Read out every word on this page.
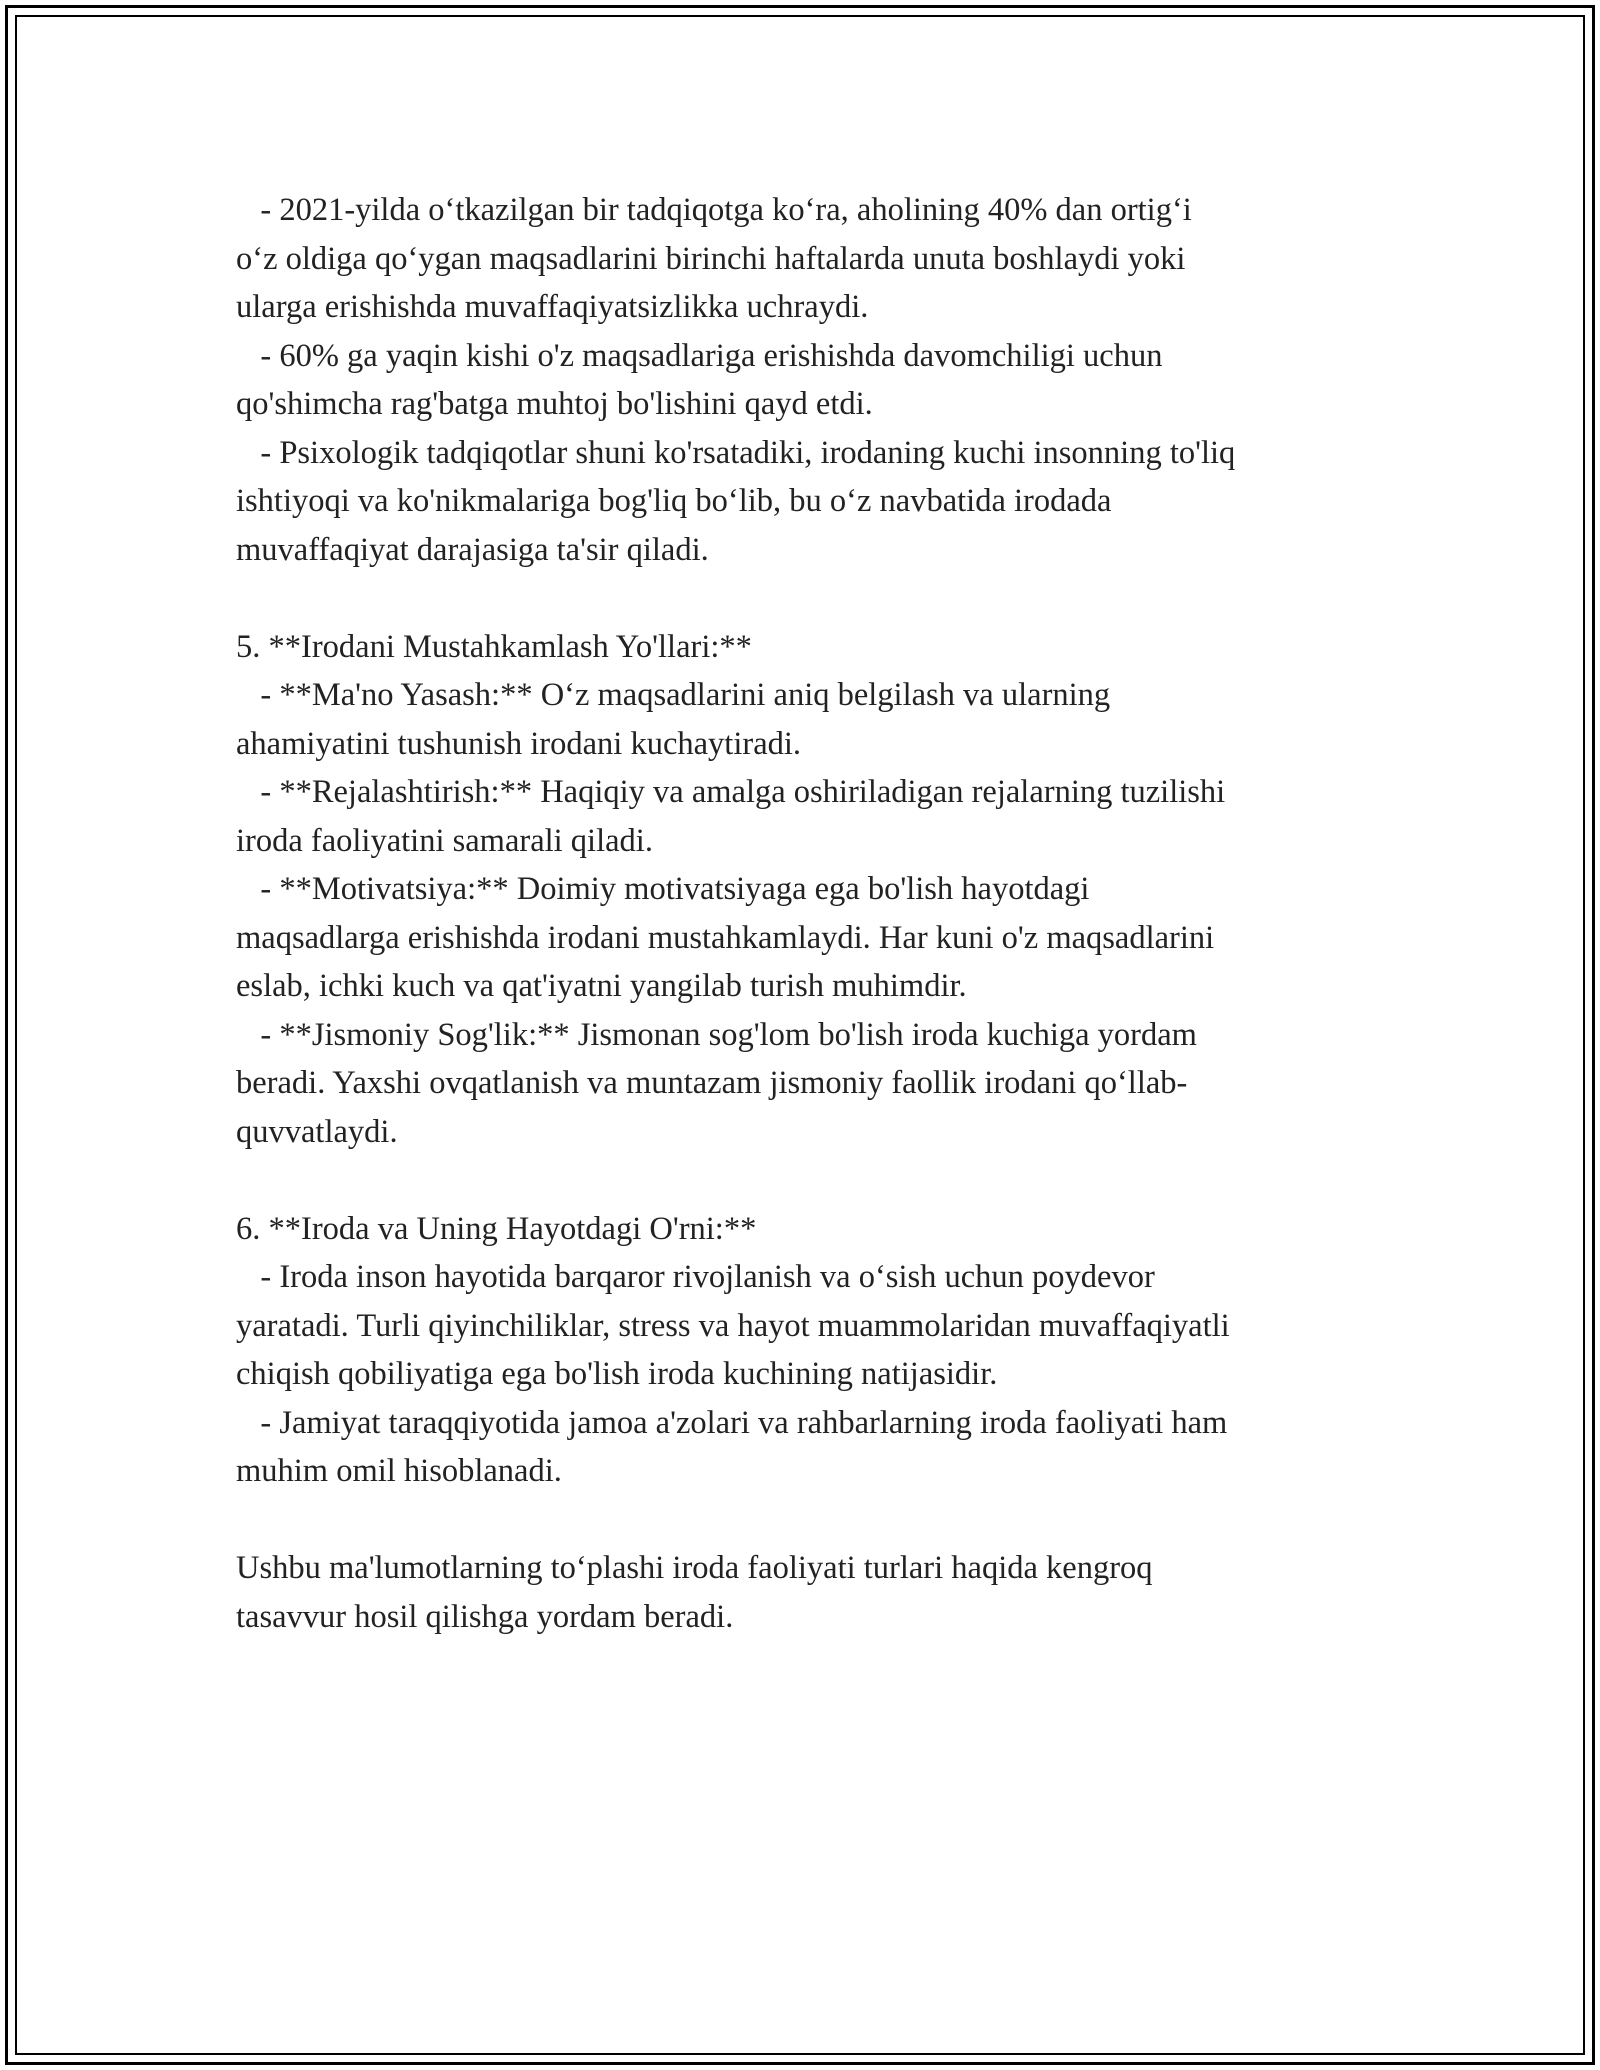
- 2021-yilda oʻtkazilgan bir tadqiqotga koʻra, aholining 40% dan ortigʻi
oʻz oldiga qoʻygan maqsadlarini birinchi haftalarda unuta boshlaydi yoki
ularga erishishda muvaffaqiyatsizlikka uchraydi.
- 60% ga yaqin kishi o'z maqsadlariga erishishda davomchiligi uchun
qo'shimcha rag'batga muhtoj bo'lishini qayd etdi.
- Psixologik tadqiqotlar shuni ko'rsatadiki, irodaning kuchi insonning to'liq
ishtiyoqi va ko'nikmalariga bog'liq boʻlib, bu oʻz navbatida irodada
muvaffaqiyat darajasiga ta'sir qiladi.
5. **Irodani Mustahkamlash Yo'llari:**
- **Ma'no Yasash:** Oʻz maqsadlarini aniq belgilash va ularning
ahamiyatini tushunish irodani kuchaytiradi.
- **Rejalashtirish:** Haqiqiy va amalga oshiriladigan rejalarning tuzilishi
iroda faoliyatini samarali qiladi.
- **Motivatsiya:** Doimiy motivatsiyaga ega bo'lish hayotdagi
maqsadlarga erishishda irodani mustahkamlaydi. Har kuni o'z maqsadlarini
eslab, ichki kuch va qat'iyatni yangilab turish muhimdir.
- **Jismoniy Sog'lik:** Jismonan sog'lom bo'lish iroda kuchiga yordam
beradi. Yaxshi ovqatlanish va muntazam jismoniy faollik irodani qoʻllab-
quvvatlaydi.
6. **Iroda va Uning Hayotdagi O'rni:**
- Iroda inson hayotida barqaror rivojlanish va oʻsish uchun poydevor
yaratadi. Turli qiyinchiliklar, stress va hayot muammolaridan muvaffaqiyatli
chiqish qobiliyatiga ega bo'lish iroda kuchining natijasidir.
- Jamiyat taraqqiyotida jamoa a'zolari va rahbarlarning iroda faoliyati ham
muhim omil hisoblanadi.
Ushbu ma'lumotlarning toʻplashi iroda faoliyati turlari haqida kengroq
tasavvur hosil qilishga yordam beradi.
